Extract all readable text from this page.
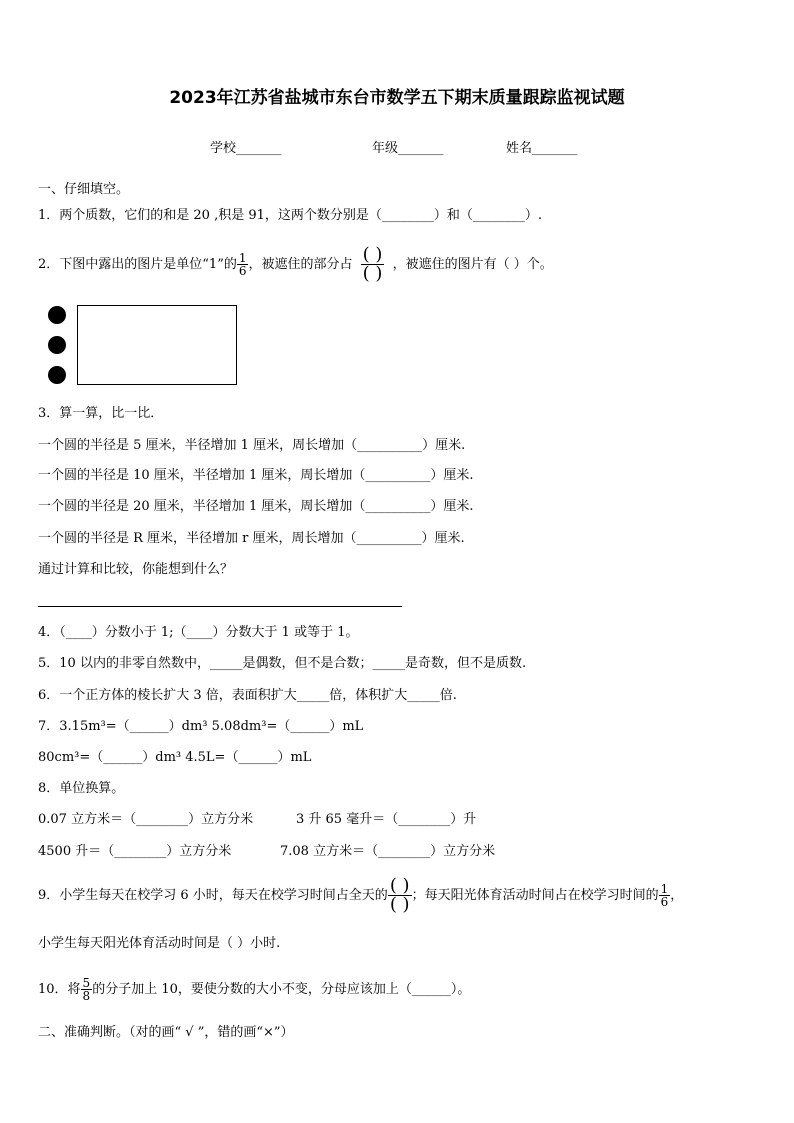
2023年江苏省盐城市东台市数学五下期末质量跟踪监视试题
学校_______	年级_______	姓名_______
一、仔细填空。
1．两个质数，它们的和是 20 ,积是 91，这两个数分别是（________）和（________）.
2．下图中露出的图片是单位“1”的 $\frac{1}{6}$ ，被遮住的部分占 $\frac{( )}{( )}$ ，被遮住的图片有（ ）个。
3．算一算，比一比．
一个圆的半径是 5 厘米，半径增加 1 厘米，周长增加（__________）厘米.
一个圆的半径是 10 厘米，半径增加 1 厘米，周长增加（__________）厘米.
一个圆的半径是 20 厘米，半径增加 1 厘米，周长增加（__________）厘米.
一个圆的半径是 R 厘米，半径增加 r 厘米，周长增加（__________）厘米.
通过计算和比较，你能想到什么？
4．（____）分数小于 1;（____）分数大于 1 或等于 1。
5．10 以内的非零自然数中，_____是偶数，但不是合数；_____是奇数，但不是质数.
6．一个正方体的棱长扩大 3 倍，表面积扩大_____倍，体积扩大_____倍.
7．3.15m³=（______）dm³ 5.08dm³=（______）mL
80cm³=（______）dm³ 4.5L=（______）mL
8．单位换算。
0.07 立方米＝（________）立方分米	3 升 65 毫升＝（________）升
4500 升＝（________）立方分米	7.08 立方米＝（________）立方分米
9．小学生每天在校学习 6 小时，每天在校学习时间占全天的 $\frac{( )}{( )}$ ；每天阳光体育活动时间占在校学习时间的 $\frac{1}{6}$ ，
小学生每天阳光体育活动时间是（ ）小时.
10．将 $\frac{5}{8}$ 的分子加上 10，要使分数的大小不变，分母应该加上（______）。
二、准确判断。（对的画“ √ ”，错的画“×”）
